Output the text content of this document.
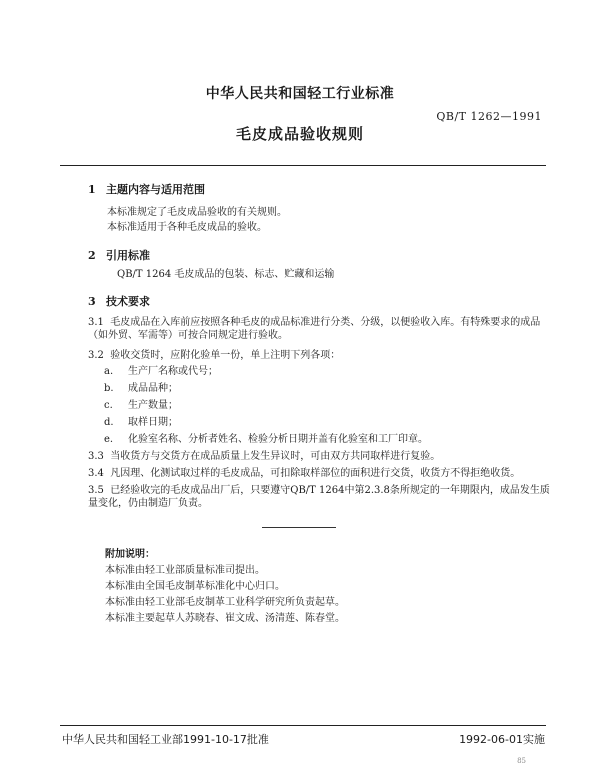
中华人民共和国轻工行业标准
QB/T 1262—1991
毛皮成品验收规则
1 主题内容与适用范围
本标准规定了毛皮成品验收的有关规则。
本标准适用于各种毛皮成品的验收。
2 引用标准
QB/T 1264 毛皮成品的包装、标志、贮藏和运输
3 技术要求
3.1 毛皮成品在入库前应按照各种毛皮的成品标准进行分类、分级，以便验收入库。有特殊要求的成品（如外贸、军需等）可按合同规定进行验收。
3.2 验收交货时，应附化验单一份，单上注明下列各项：
a. 生产厂名称或代号；
b. 成品品种；
c. 生产数量；
d. 取样日期；
e. 化验室名称、分析者姓名、检验分析日期并盖有化验室和工厂印章。
3.3 当收货方与交货方在成品质量上发生异议时，可由双方共同取样进行复验。
3.4 凡因理、化测试取过样的毛皮成品，可扣除取样部位的面积进行交货，收货方不得拒绝收货。
3.5 已经验收完的毛皮成品出厂后，只要遵守QB/T 1264中第2.3.8条所规定的一年期限内，成品发生质量变化，仍由制造厂负责。
附加说明：
本标准由轻工业部质量标准司提出。
本标准由全国毛皮制革标准化中心归口。
本标准由轻工业部毛皮制革工业科学研究所负责起草。
本标准主要起草人苏晓春、崔文成、汤清莲、陈春堂。
中华人民共和国轻工业部1991-10-17批准	1992-06-01实施
85
